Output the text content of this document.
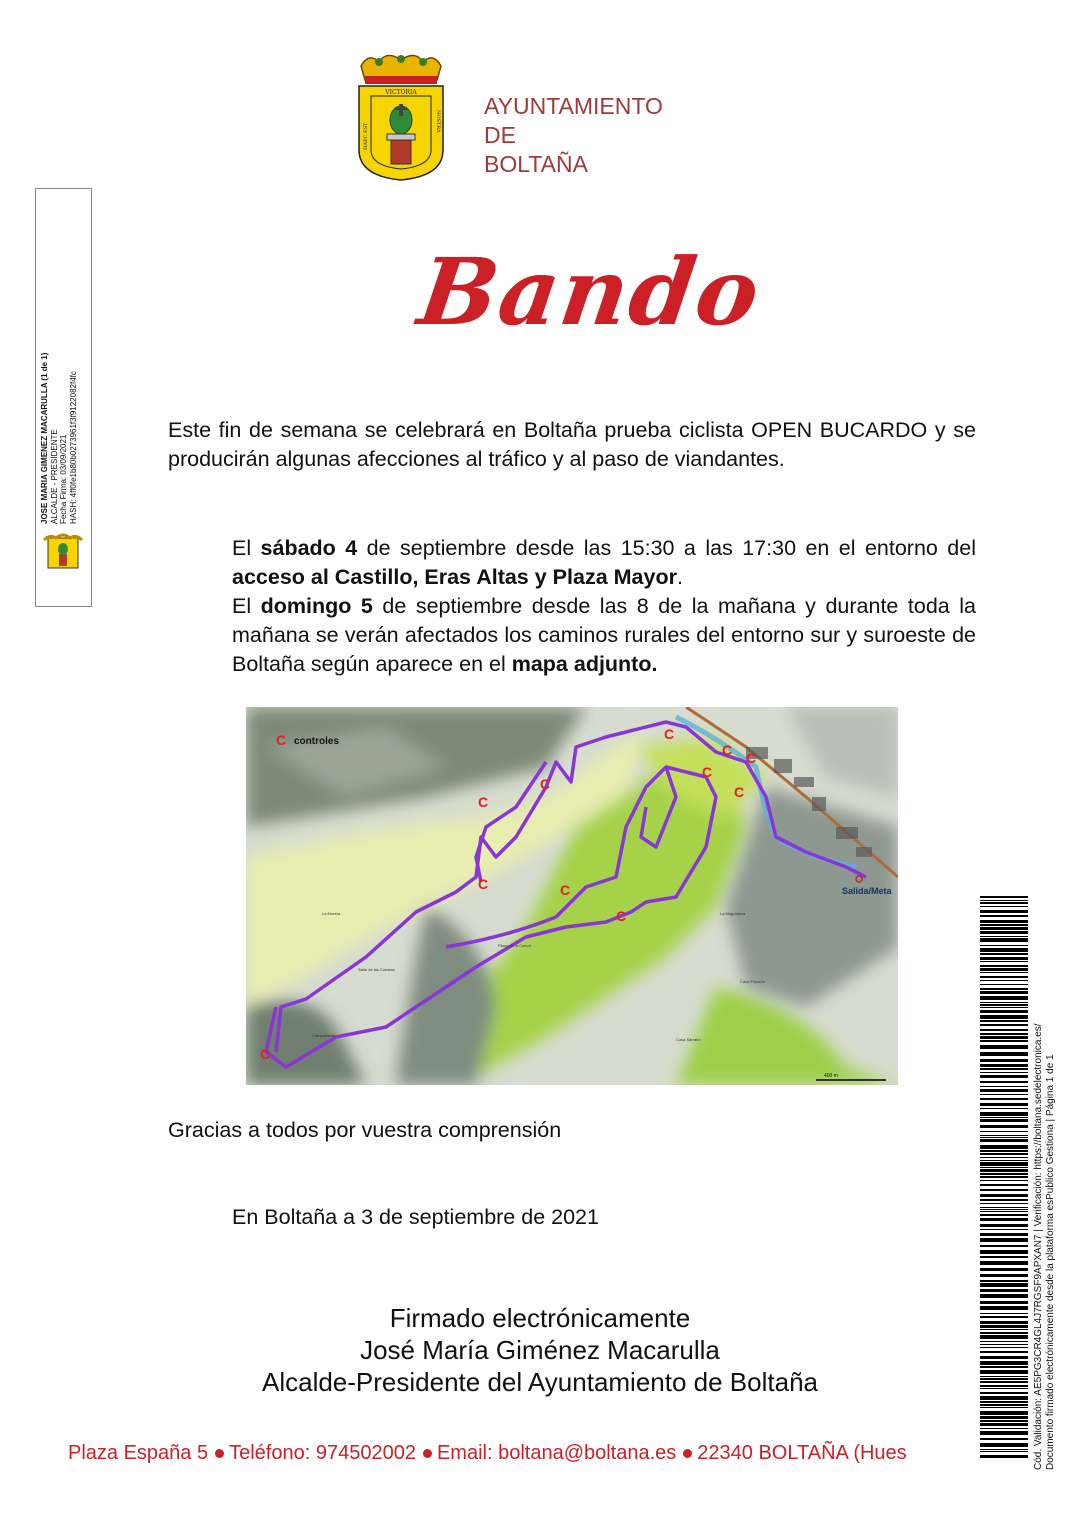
VICTORIA
HAEC EST
NOSTRA
AYUNTAMIENTO
DE
BOLTAÑA
Bando
JOSE MARIA GIMENEZ MACARULLA (1 de 1) ALCALDE - PRESIDENTE Fecha Firma: 03/09/2021 HASH: 4ff0fe1b80b0273961f3f9122082f4fc	Este fin de semana se celebrará en Boltaña prueba ciclista OPEN BUCARDO y se producirán algunas afecciones al tráfico y al paso de viandantes.
El sábado 4 de septiembre desde las 15:30 a las 17:30 en el entorno del acceso al Castillo, Eras Altas y Plaza Mayor.
El domingo 5 de septiembre desde las 8 de la mañana y durante toda la mañana se verán afectados los caminos rurales del entorno sur y suroeste de Boltaña según aparece en el mapa adjunto.
C
C
C
C
C
C C
C
C
C
C
C
controles
Salida/Meta
La Morera
Salto de las Cuestas
Campodarbe
Plano de la Cueva
Casa Francho
Casa Sarratín
La Magdalena
400 m
Gracias a todos por vuestra comprensión
En Boltaña a 3 de septiembre de 2021
Firmado electrónicamente
José María Giménez Macarulla
Alcalde-Presidente del Ayuntamiento de Boltaña
Plaza España 5 Teléfono: 974502002 Email: boltana@boltana.es 22340 BOLTAÑA (Hues	Cód. Validación: AE5PG3CR4GL4J7RGSF9APXAN7 | Verificación: https://boltana.sedelectronica.es/ Documento firmado electrónicamente desde la plataforma esPublico Gestiona | Página 1 de 1
